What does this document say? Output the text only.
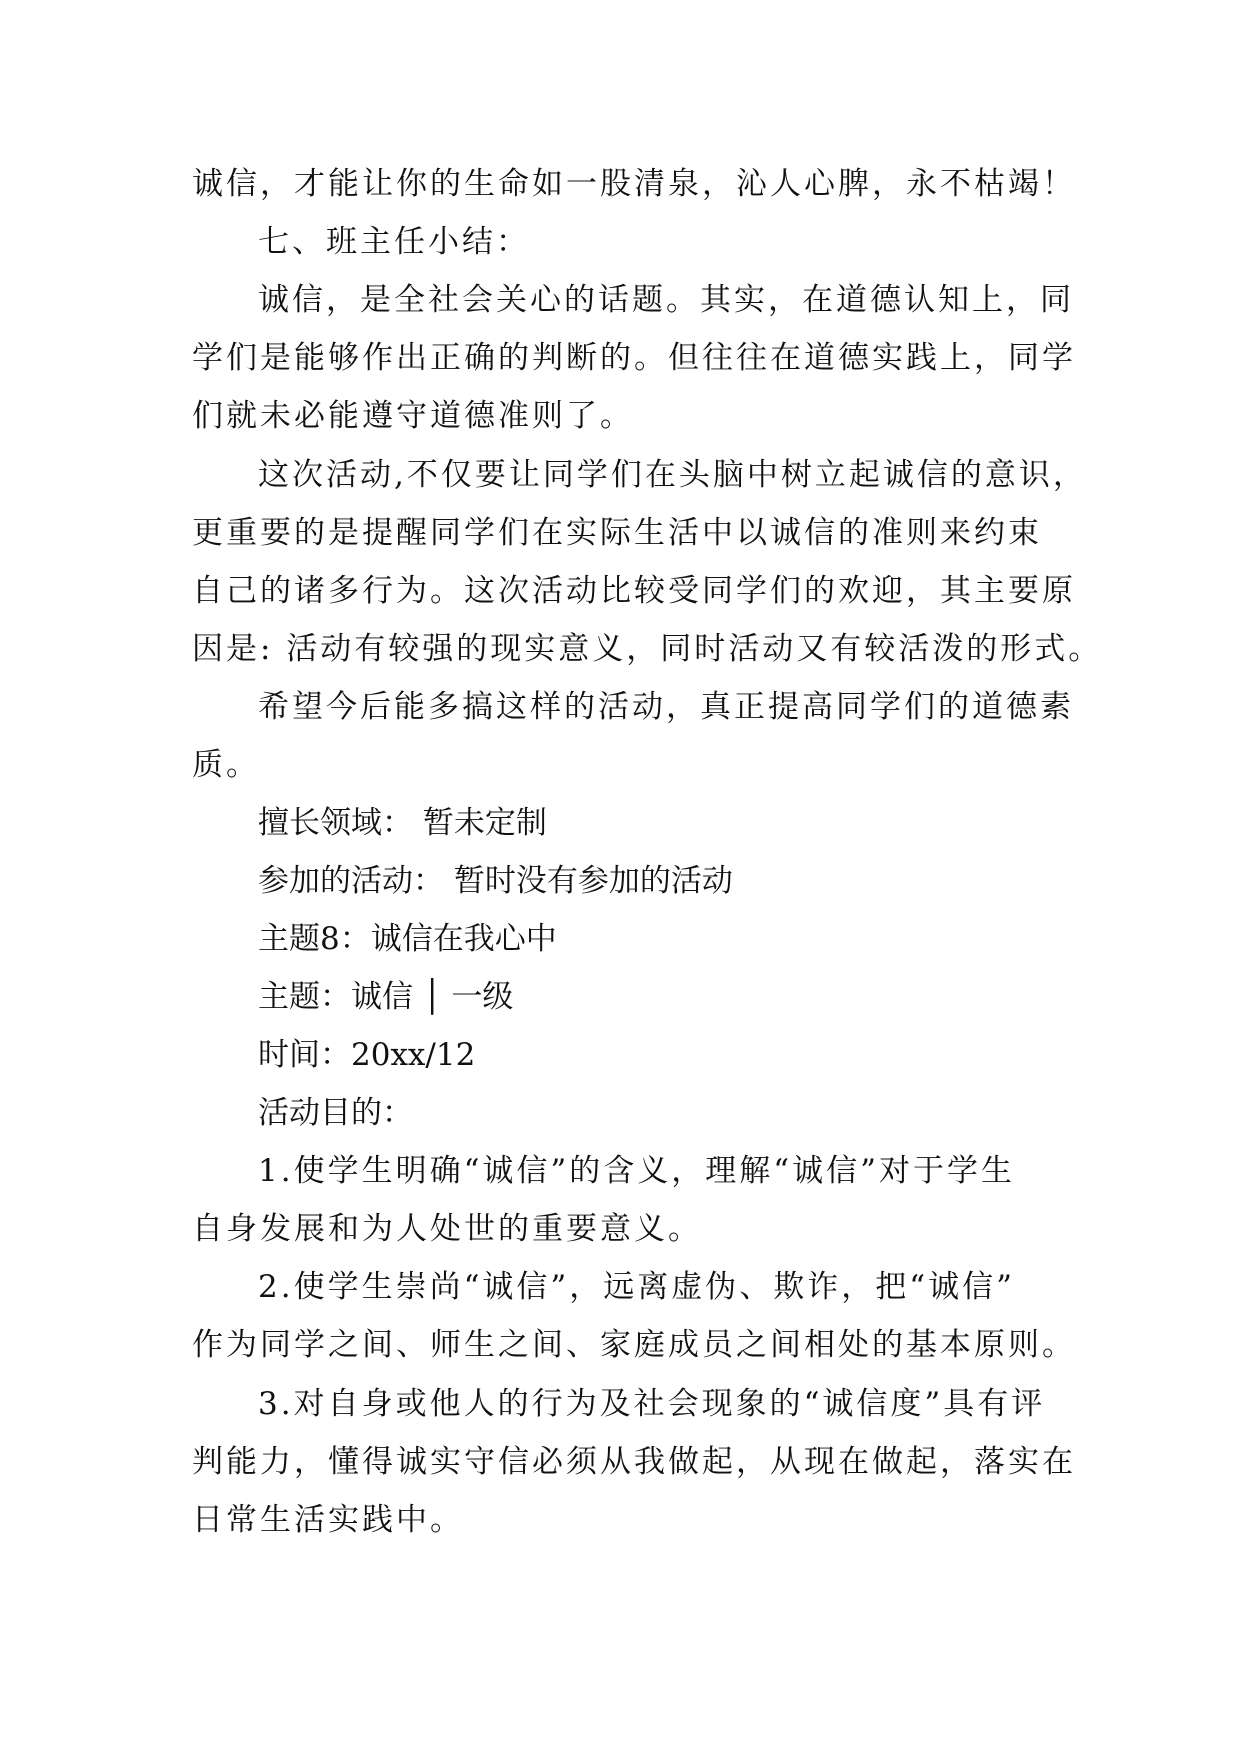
诚信，才能让你的生命如一股清泉，沁人心脾，永不枯竭！

七、班主任小结：

诚信，是全社会关心的话题。其实，在道德认知上，同

学们是能够作出正确的判断的。但往往在道德实践上，同学

们就未必能遵守道德准则了。

这次活动,不仅要让同学们在头脑中树立起诚信的意识，

更重要的是提醒同学们在实际生活中以诚信的准则来约束

自己的诸多行为。这次活动比较受同学们的欢迎，其主要原

因是: 活动有较强的现实意义，同时活动又有较活泼的形式。

希望今后能多搞这样的活动，真正提高同学们的道德素

质。

擅长领域： 暂未定制

参加的活动： 暂时没有参加的活动

主题8：诚信在我心中

主题：诚信 │ 一级

时间：20xx/12

活动目的：

1.使学生明确“诚信”的含义，理解“诚信”对于学生

自身发展和为人处世的重要意义。

2.使学生崇尚“诚信”，远离虚伪、欺诈，把“诚信”

作为同学之间、师生之间、家庭成员之间相处的基本原则。

3.对自身或他人的行为及社会现象的“诚信度”具有评

判能力，懂得诚实守信必须从我做起，从现在做起，落实在

日常生活实践中。
